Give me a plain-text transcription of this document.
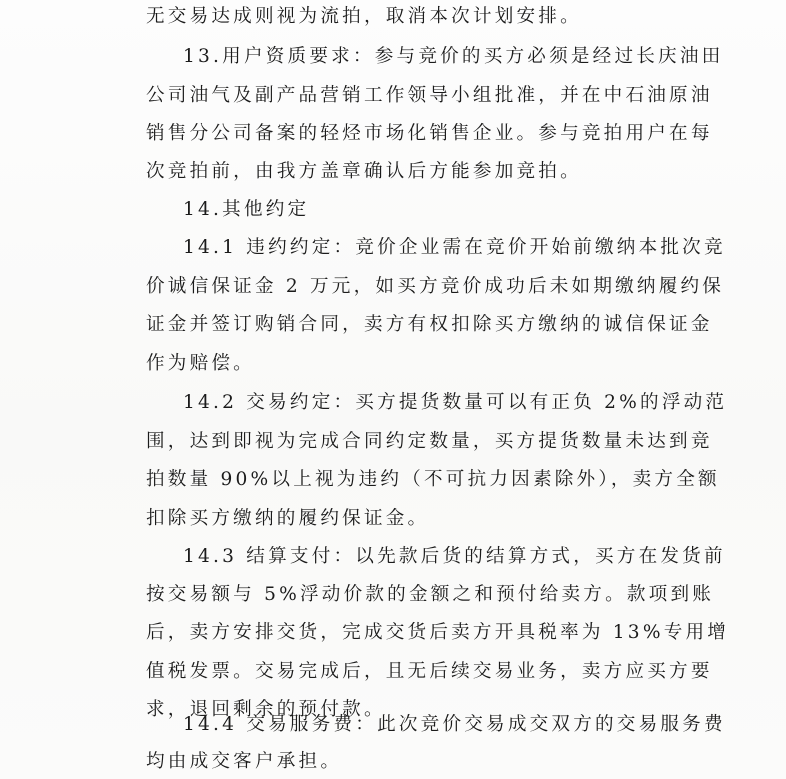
无交易达成则视为流拍，取消本次计划安排。
13.用户资质要求：参与竞价的买方必须是经过长庆油田
公司油气及副产品营销工作领导小组批准，并在中石油原油
销售分公司备案的轻烃市场化销售企业。参与竞拍用户在每
次竞拍前，由我方盖章确认后方能参加竞拍。
14.其他约定
14.1 违约约定：竞价企业需在竞价开始前缴纳本批次竞
价诚信保证金 2 万元，如买方竞价成功后未如期缴纳履约保
证金并签订购销合同，卖方有权扣除买方缴纳的诚信保证金
作为赔偿。
14.2 交易约定：买方提货数量可以有正负 2%的浮动范
围，达到即视为完成合同约定数量，买方提货数量未达到竞
拍数量 90%以上视为违约（不可抗力因素除外），卖方全额
扣除买方缴纳的履约保证金。
14.3 结算支付：以先款后货的结算方式，买方在发货前
按交易额与 5%浮动价款的金额之和预付给卖方。款项到账
后，卖方安排交货，完成交货后卖方开具税率为 13%专用增
值税发票。交易完成后，且无后续交易业务，卖方应买方要
求，退回剩余的预付款。
14.4 交易服务费：此次竞价交易成交双方的交易服务费
均由成交客户承担。
